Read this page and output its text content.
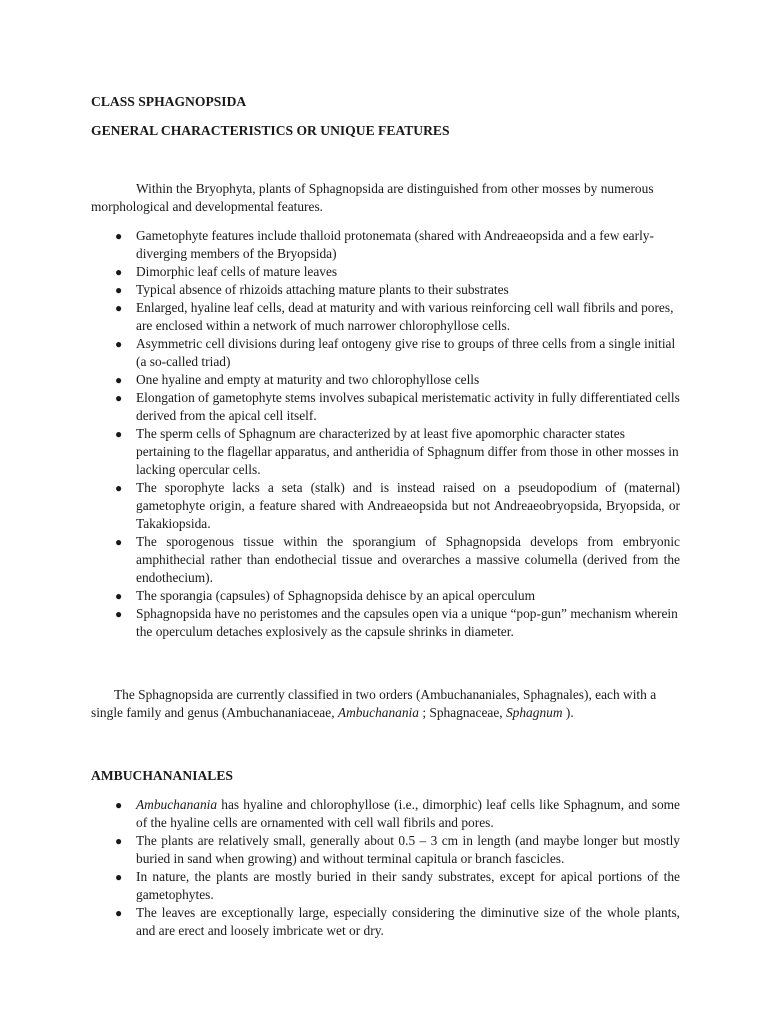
CLASS SPHAGNOPSIDA
GENERAL CHARACTERISTICS OR UNIQUE FEATURES

Within the Bryophyta, plants of Sphagnopsida are distinguished from other mosses by numerous morphological and developmental features.

● Gametophyte features include thalloid protonemata (shared with Andreaeopsida and a few early-diverging members of the Bryopsida)
● Dimorphic leaf cells of mature leaves
● Typical absence of rhizoids attaching mature plants to their substrates
● Enlarged, hyaline leaf cells, dead at maturity and with various reinforcing cell wall fibrils and pores, are enclosed within a network of much narrower chlorophyllose cells.
● Asymmetric cell divisions during leaf ontogeny give rise to groups of three cells from a single initial (a so-called triad)
● One hyaline and empty at maturity and two chlorophyllose cells
● Elongation of gametophyte stems involves subapical meristematic activity in fully differentiated cells derived from the apical cell itself.
● The sperm cells of Sphagnum are characterized by at least five apomorphic character states pertaining to the flagellar apparatus, and antheridia of Sphagnum differ from those in other mosses in lacking opercular cells.
● The sporophyte lacks a seta (stalk) and is instead raised on a pseudopodium of (maternal) gametophyte origin, a feature shared with Andreaeopsida but not Andreaeobryopsida, Bryopsida, or Takakiopsida.
● The sporogenous tissue within the sporangium of Sphagnopsida develops from embryonic amphithecial rather than endothecial tissue and overarches a massive columella (derived from the endothecium).
● The sporangia (capsules) of Sphagnopsida dehisce by an apical operculum
● Sphagnopsida have no peristomes and the capsules open via a unique “pop-gun” mechanism wherein the operculum detaches explosively as the capsule shrinks in diameter.

The Sphagnopsida are currently classified in two orders (Ambuchananiales, Sphagnales), each with a single family and genus (Ambuchananiaceae, Ambuchanania ; Sphagnaceae, Sphagnum ).

AMBUCHANANIALES
● Ambuchanania has hyaline and chlorophyllose (i.e., dimorphic) leaf cells like Sphagnum, and some of the hyaline cells are ornamented with cell wall fibrils and pores.
● The plants are relatively small, generally about 0.5 – 3 cm in length (and maybe longer but mostly buried in sand when growing) and without terminal capitula or branch fascicles.
● In nature, the plants are mostly buried in their sandy substrates, except for apical portions of the gametophytes.
● The leaves are exceptionally large, especially considering the diminutive size of the whole plants, and are erect and loosely imbricate wet or dry.
